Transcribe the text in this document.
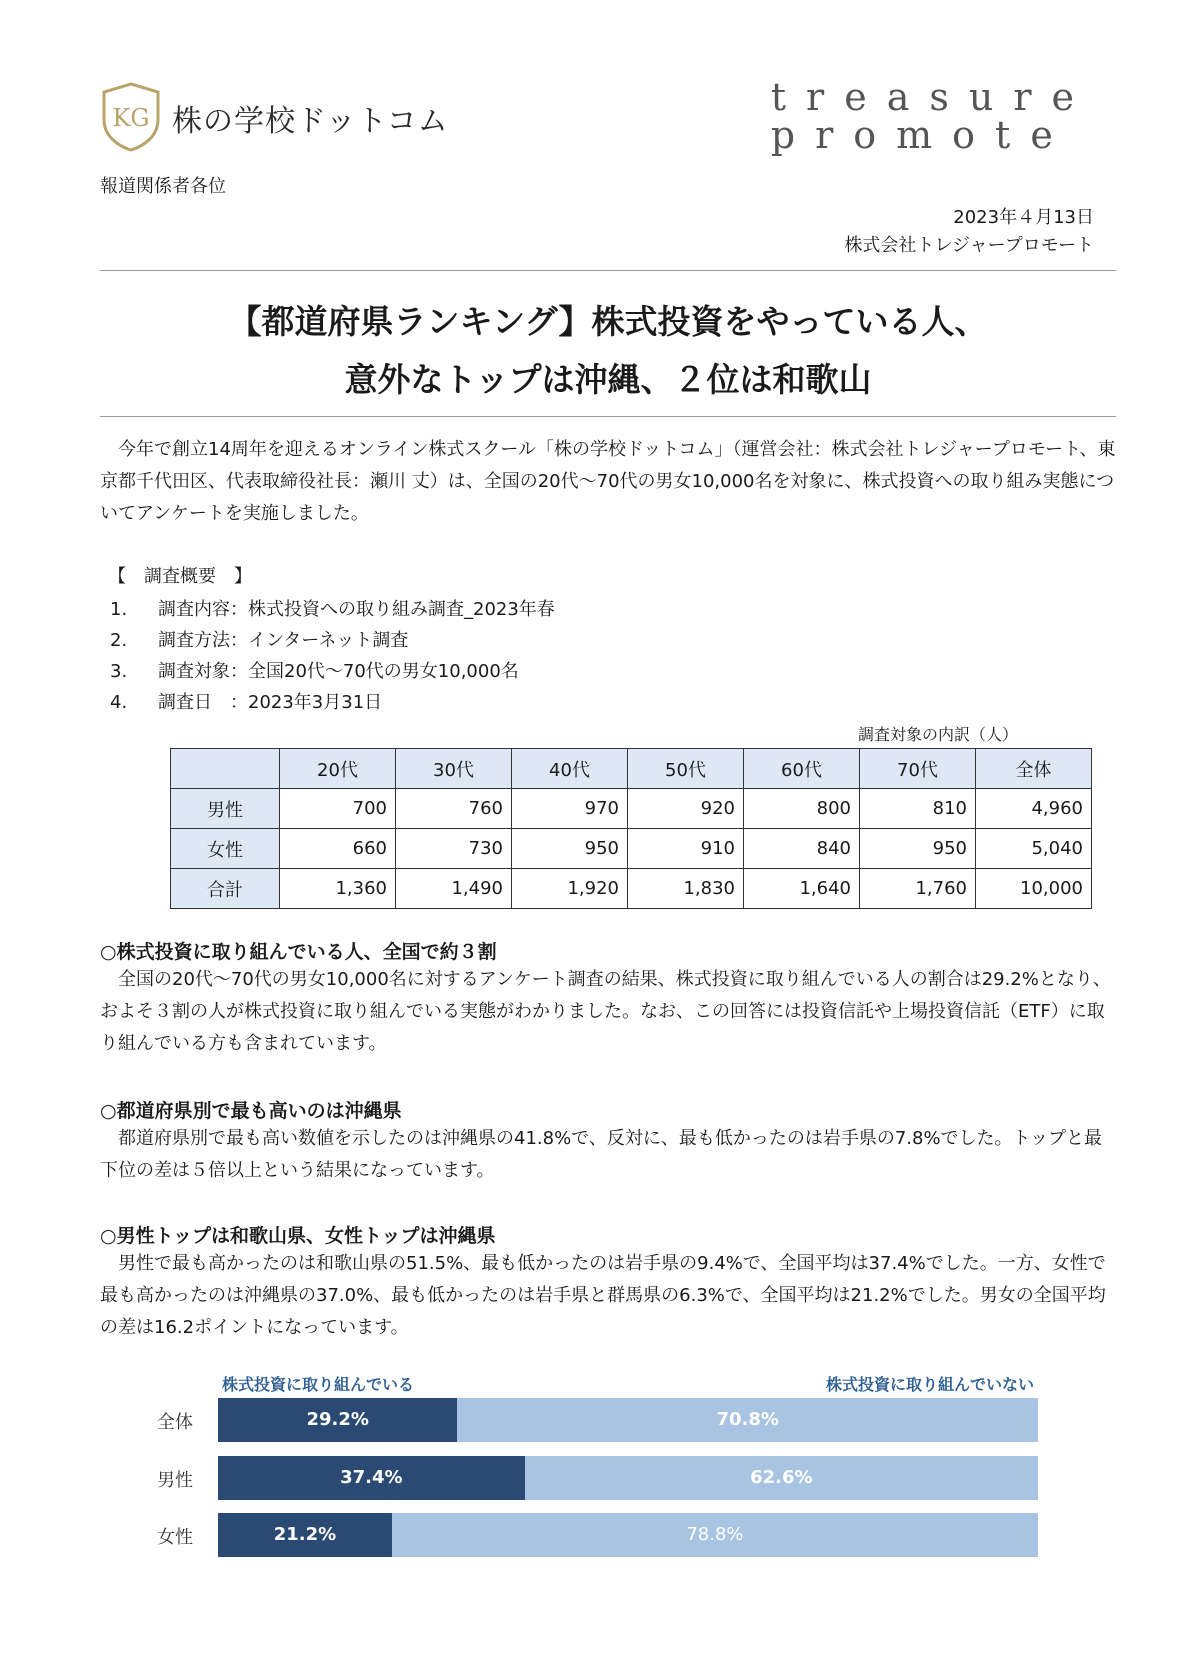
KG 株の学校ドットコム
treasure
promote
報道関係者各位
2023年４月13日
株式会社トレジャープロモート
【都道府県ランキング】株式投資をやっている人、
意外なトップは沖縄、２位は和歌山
今年で創立14周年を迎えるオンライン株式スクール「株の学校ドットコム」（運営会社：株式会社トレジャープロモート、東京都千代田区、代表取締役社長：瀬川 丈）は、全国の20代〜70代の男女10,000名を対象に、株式投資への取り組み実態についてアンケートを実施しました。
【　調査概要　】
1.	調査内容：株式投資への取り組み調査_2023年春
2.	調査方法：インターネット調査
3.	調査対象：全国20代〜70代の男女10,000名
4.	調査日　：2023年3月31日
調査対象の内訳（人）
	20代	30代	40代	50代	60代	70代	全体
男性	700	760	970	920	800	810	4,960
女性	660	730	950	910	840	950	5,040
合計	1,360	1,490	1,920	1,830	1,640	1,760	10,000
○株式投資に取り組んでいる人、全国で約３割
全国の20代〜70代の男女10,000名に対するアンケート調査の結果、株式投資に取り組んでいる人の割合は29.2%となり、およそ３割の人が株式投資に取り組んでいる実態がわかりました。なお、この回答には投資信託や上場投資信託（ETF）に取り組んでいる方も含まれています。
○都道府県別で最も高いのは沖縄県
都道府県別で最も高い数値を示したのは沖縄県の41.8%で、反対に、最も低かったのは岩手県の7.8%でした。トップと最下位の差は５倍以上という結果になっています。
○男性トップは和歌山県、女性トップは沖縄県
男性で最も高かったのは和歌山県の51.5%、最も低かったのは岩手県の9.4%で、全国平均は37.4%でした。一方、女性で最も高かったのは沖縄県の37.0%、最も低かったのは岩手県と群馬県の6.3%で、全国平均は21.2%でした。男女の全国平均の差は16.2ポイントになっています。
株式投資に取り組んでいる	株式投資に取り組んでいない
全体	29.2%	70.8%
男性	37.4%	62.6%
女性	21.2%	78.8%
